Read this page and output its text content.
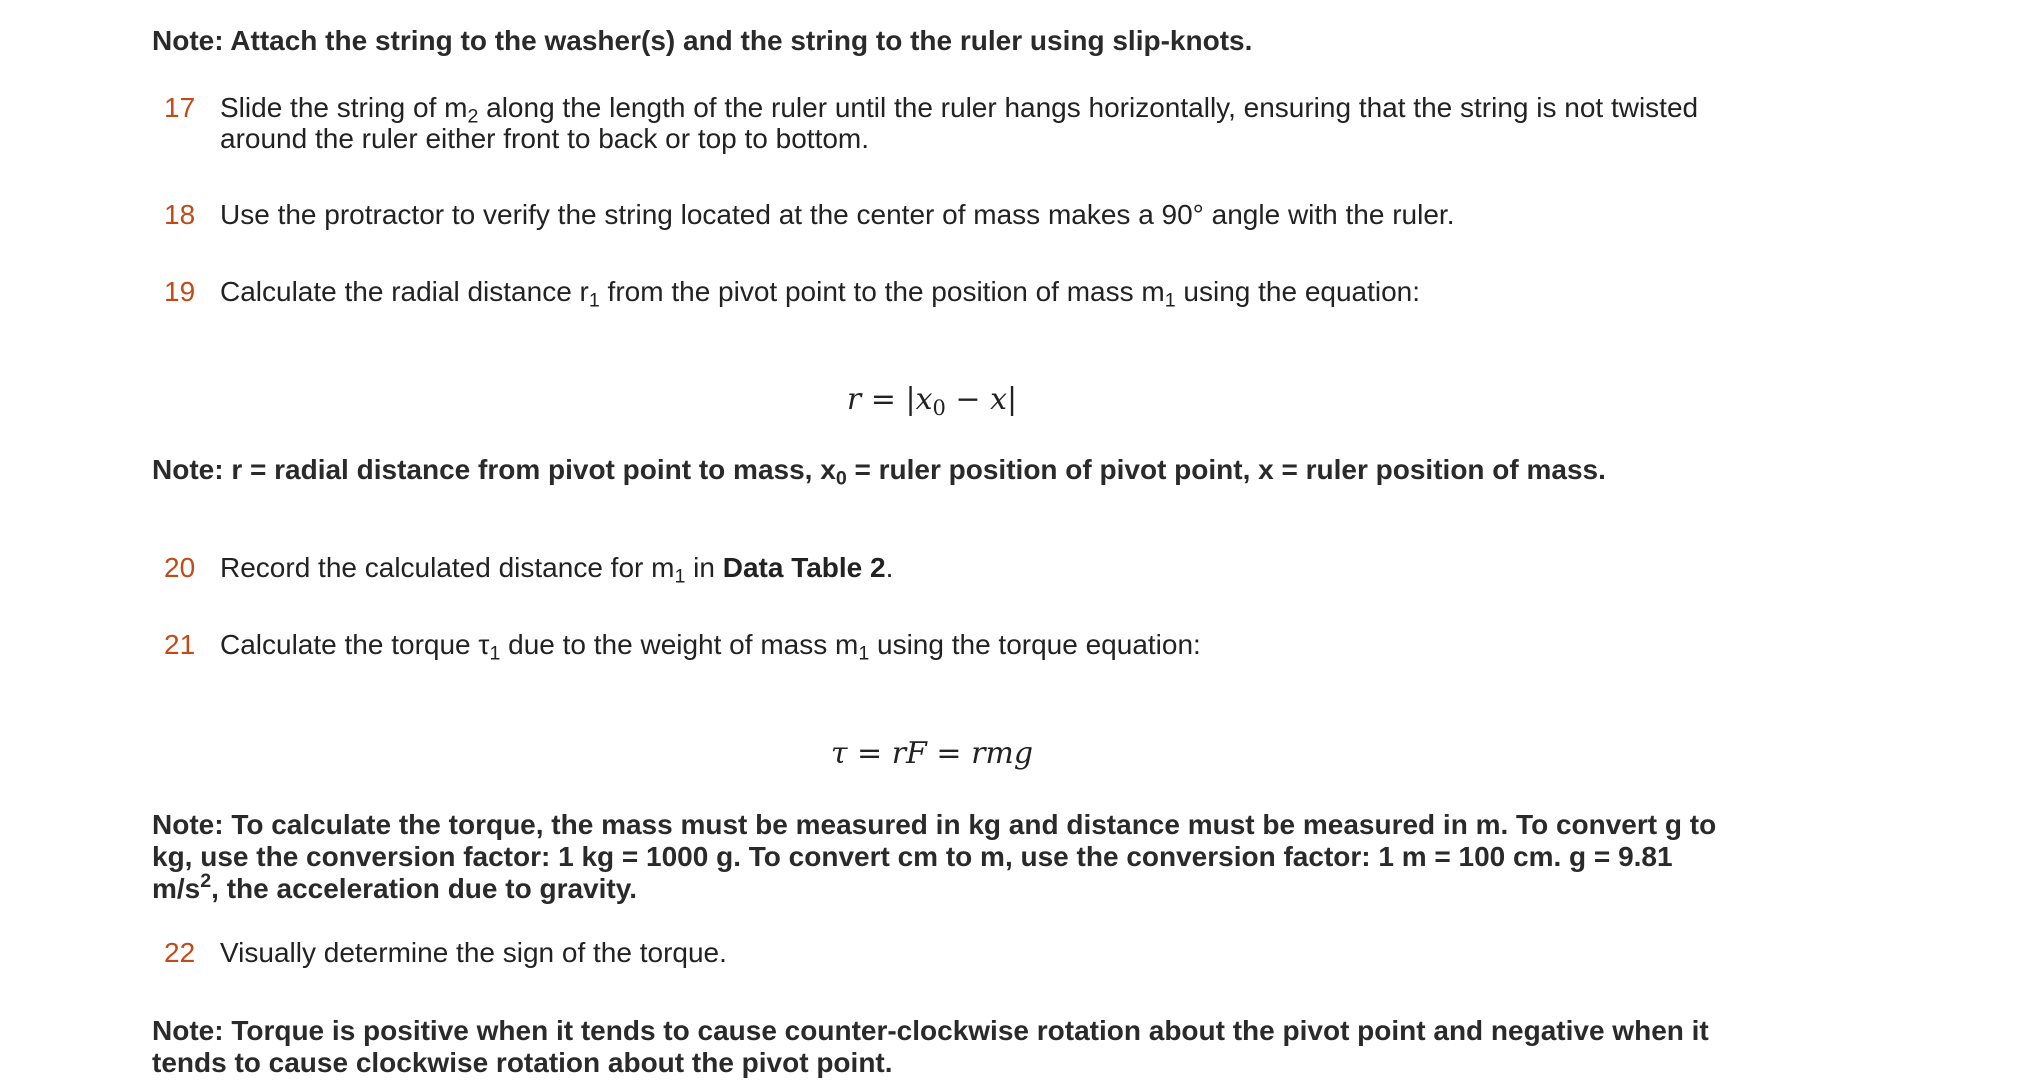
Note: Attach the string to the washer(s) and the string to the ruler using slip-knots.
17 Slide the string of $m_2$ along the length of the ruler until the ruler hangs horizontally, ensuring that the string is not twisted around the ruler either front to back or top to bottom.
18 Use the protractor to verify the string located at the center of mass makes a 90° angle with the ruler.
19 Calculate the radial distance $r_1$ from the pivot point to the position of mass $m_1$ using the equation:
$r = |x_0 - x|$
Note: r = radial distance from pivot point to mass, $x_0$ = ruler position of pivot point, x = ruler position of mass.
20 Record the calculated distance for $m_1$ in Data Table 2.
21 Calculate the torque $\tau_1$ due to the weight of mass $m_1$ using the torque equation:
τ = rF = rmg
Note: To calculate the torque, the mass must be measured in kg and distance must be measured in m. To convert g to kg, use the conversion factor: 1 kg = 1000 g. To convert cm to m, use the conversion factor: 1 m = 100 cm. g = 9.81 $m/s^2$, the acceleration due to gravity.
22 Visually determine the sign of the torque.
Note: Torque is positive when it tends to cause counter-clockwise rotation about the pivot point and negative when it tends to cause clockwise rotation about the pivot point.
